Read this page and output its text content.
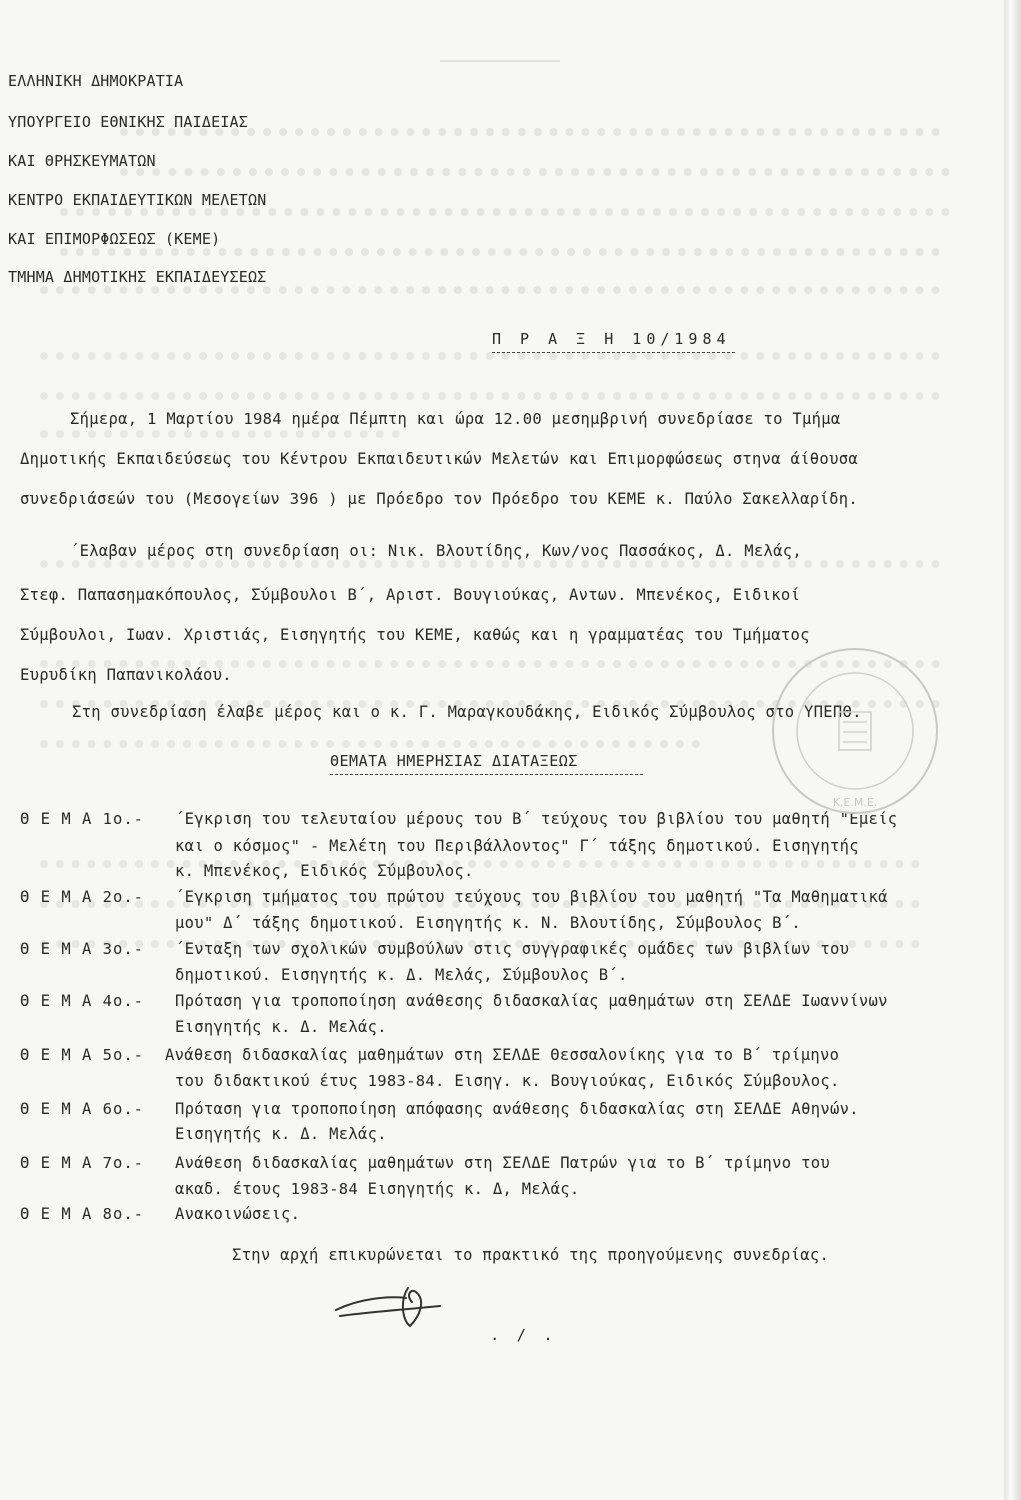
ΕΛΛΗΝΙΚΗ ΔΗΜΟΚΡΑΤΙΑ
ΥΠΟΥΡΓΕΙΟ ΕΘΝΙΚΗΣ ΠΑΙΔΕΙΑΣ
ΚΑΙ ΘΡΗΣΚΕΥΜΑΤΩΝ
ΚΕΝΤΡΟ ΕΚΠΑΙΔΕΥΤΙΚΩΝ ΜΕΛΕΤΩΝ
ΚΑΙ ΕΠΙΜΟΡΦΩΣΕΩΣ (ΚΕΜΕ)
ΤΜΗΜΑ ΔΗΜΟΤΙΚΗΣ ΕΚΠΑΙΔΕΥΣΕΩΣ
Π Ρ Α Ξ Η 10/1984
Σήμερα, 1 Μαρτίου 1984 ημέρα Πέμπτη και ώρα 12.00 μεσημβρινή συνεδρίασε το Τμήμα
Δημοτικής Εκπαιδεύσεως του Κέντρου Εκπαιδευτικών Μελετών και Επιμορφώσεως στηνα άίθουσα
συνεδριάσεών του (Μεσογείων 396 ) με Πρόεδρο τον Πρόεδρο του ΚΕΜΕ κ. Παύλο Σακελλαρίδη.
΄Ελαβαν μέρος στη συνεδρίαση οι: Νικ. Βλουτίδης, Κων/νος Πασσάκος, Δ. Μελάς,
Στεφ. Παπασημακόπουλος, Σύμβουλοι Β΄, Αριστ. Βουγιούκας, Αντων. Μπενέκος, Ειδικοί
Σύμβουλοι, Ιωαν. Χριστιάς, Εισηγητής του ΚΕΜΕ, καθώς και η γραμματέας του Τμήματος
Ευρυδίκη Παπανικολάου.
Στη συνεδρίαση έλαβε μέρος και ο κ. Γ. Μαραγκουδάκης, Ειδικός Σύμβουλος στο ΥΠΕΠΘ.
ΘΕΜΑΤΑ ΗΜΕΡΗΣΙΑΣ ΔΙΑΤΑΞΕΩΣ
Θ Ε Μ Α 1ο.- ΄Εγκριση του τελευταίου μέρους του Β΄ τεύχους του βιβλίου του μαθητή "Εμείς
και ο κόσμος" - Μελέτη του Περιβάλλοντος" Γ΄ τάξης δημοτικού. Εισηγητής
κ. Μπενέκος, Ειδικός Σύμβουλος.
Θ Ε Μ Α 2ο.- ΄Εγκριση τμήματος του πρώτου τεύχους του βιβλίου του μαθητή "Τα Μαθηματικά
μου" Δ΄ τάξης δημοτικού. Εισηγητής κ. Ν. Βλουτίδης, Σύμβουλος Β΄.
Θ Ε Μ Α 3ο.- ΄Ενταξη των σχολικών συμβούλων στις συγγραφικές ομάδες των βιβλίων του
δημοτικού. Εισηγητής κ. Δ. Μελάς, Σύμβουλος Β΄.
Θ Ε Μ Α 4ο.- Πρόταση για τροποποίηση ανάθεσης διδασκαλίας μαθημάτων στη ΣΕΛΔΕ Ιωαννίνων
Εισηγητής κ. Δ. Μελάς.
Θ Ε Μ Α 5ο.- Ανάθεση διδασκαλίας μαθημάτων στη ΣΕΛΔΕ Θεσσαλονίκης για το Β΄ τρίμηνο
του διδακτικού έτυς 1983-84. Εισηγ. κ. Βουγιούκας, Ειδικός Σύμβουλος.
Θ Ε Μ Α 6ο.- Πρόταση για τροποποίηση απόφασης ανάθεσης διδασκαλίας στη ΣΕΛΔΕ Αθηνών.
Εισηγητής κ. Δ. Μελάς.
Θ Ε Μ Α 7ο.- Ανάθεση διδασκαλίας μαθημάτων στη ΣΕΛΔΕ Πατρών για το Β΄ τρίμηνο του
ακαδ. έτους 1983-84 Εισηγητής κ. Δ, Μελάς.
Θ Ε Μ Α 8ο.- Ανακοινώσεις.
Στην αρχή επικυρώνεται το πρακτικό της προηγούμενης συνεδρίας.
. / .
K.E.M.E.
